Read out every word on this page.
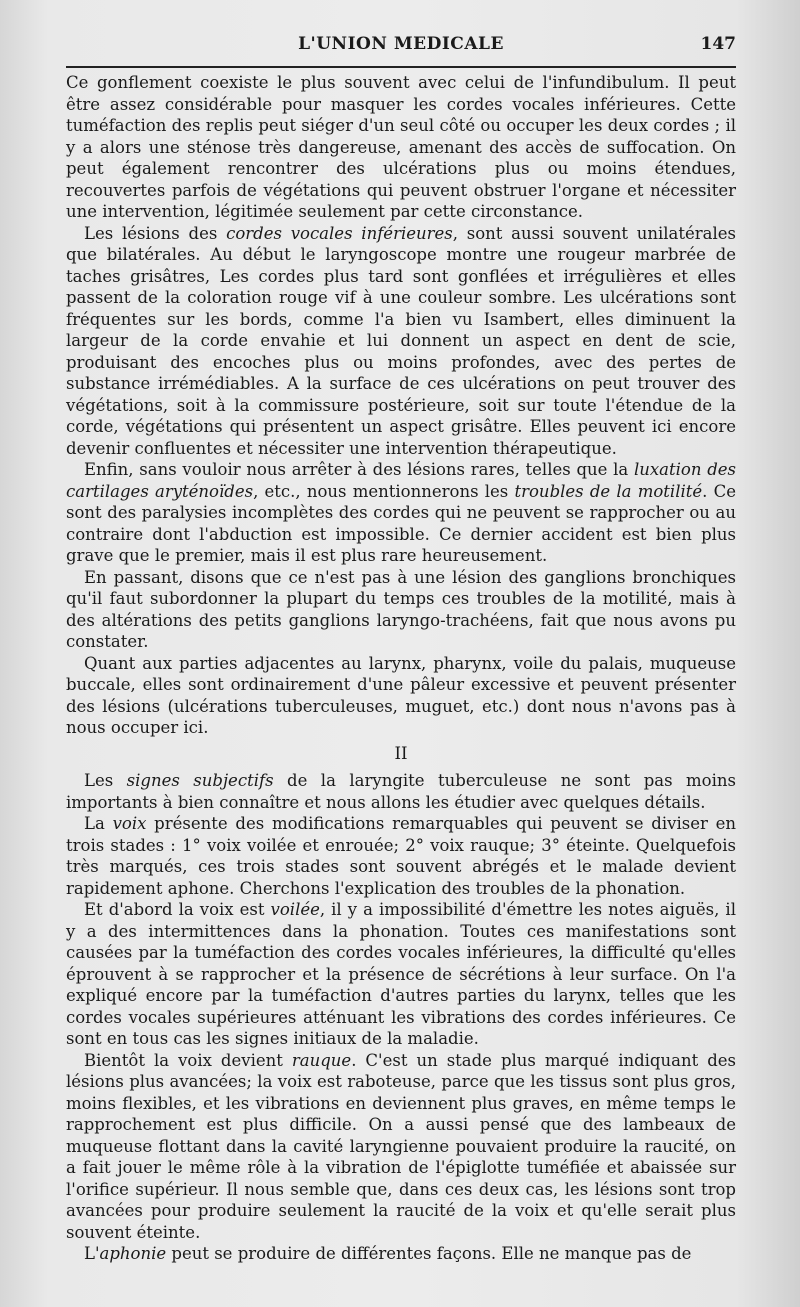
L'UNION MEDICALE	147

Ce gonflement coexiste le plus souvent avec celui de l'infundibulum. Il peut être assez considérable pour masquer les cordes vocales inférieures. Cette tuméfaction des replis peut siéger d'un seul côté ou occuper les deux cordes ; il y a alors une sténose très dangereuse, amenant des accès de suffocation. On peut également rencontrer des ulcérations plus ou moins étendues, recouvertes parfois de végétations qui peuvent obstruer l'organe et nécessiter une intervention, légitimée seulement par cette circonstance.

Les lésions des cordes vocales inférieures, sont aussi souvent unilatérales que bilatérales. Au début le laryngoscope montre une rougeur marbrée de taches grisâtres, Les cordes plus tard sont gonflées et irrégulières et elles passent de la coloration rouge vif à une couleur sombre. Les ulcérations sont fréquentes sur les bords, comme l'a bien vu Isambert, elles diminuent la largeur de la corde envahie et lui donnent un aspect en dent de scie, produisant des encoches plus ou moins profondes, avec des pertes de substance irrémédiables. A la surface de ces ulcérations on peut trouver des végétations, soit à la commissure postérieure, soit sur toute l'étendue de la corde, végétations qui présentent un aspect grisâtre. Elles peuvent ici encore devenir confluentes et nécessiter une intervention thérapeutique.

Enfin, sans vouloir nous arrêter à des lésions rares, telles que la luxation des cartilages aryténoïdes, etc., nous mentionnerons les troubles de la motilité. Ce sont des paralysies incomplètes des cordes qui ne peuvent se rapprocher ou au contraire dont l'abduction est impossible. Ce dernier accident est bien plus grave que le premier, mais il est plus rare heureusement.

En passant, disons que ce n'est pas à une lésion des ganglions bronchiques qu'il faut subordonner la plupart du temps ces troubles de la motilité, mais à des altérations des petits ganglions laryngo-trachéens, fait que nous avons pu constater.

Quant aux parties adjacentes au larynx, pharynx, voile du palais, muqueuse buccale, elles sont ordinairement d'une pâleur excessive et peuvent présenter des lésions (ulcérations tuberculeuses, muguet, etc.) dont nous n'avons pas à nous occuper ici.

II

Les signes subjectifs de la laryngite tuberculeuse ne sont pas moins importants à bien connaître et nous allons les étudier avec quelques détails.

La voix présente des modifications remarquables qui peuvent se diviser en trois stades : 1° voix voilée et enrouée; 2° voix rauque; 3° éteinte. Quelquefois très marqués, ces trois stades sont souvent abrégés et le malade devient rapidement aphone. Cherchons l'explication des troubles de la phonation.

Et d'abord la voix est voilée, il y a impossibilité d'émettre les notes aiguës, il y a des intermittences dans la phonation. Toutes ces manifestations sont causées par la tuméfaction des cordes vocales inférieures, la difficulté qu'elles éprouvent à se rapprocher et la présence de sécrétions à leur surface. On l'a expliqué encore par la tuméfaction d'autres parties du larynx, telles que les cordes vocales supérieures atténuant les vibrations des cordes inférieures. Ce sont en tous cas les signes initiaux de la maladie.

Bientôt la voix devient rauque. C'est un stade plus marqué indiquant des lésions plus avancées; la voix est raboteuse, parce que les tissus sont plus gros, moins flexibles, et les vibrations en deviennent plus graves, en même temps le rapprochement est plus difficile. On a aussi pensé que des lambeaux de muqueuse flottant dans la cavité laryngienne pouvaient produire la raucité, on a fait jouer le même rôle à la vibration de l'épiglotte tuméfiée et abaissée sur l'orifice supérieur. Il nous semble que, dans ces deux cas, les lésions sont trop avancées pour produire seulement la raucité de la voix et qu'elle serait plus souvent éteinte.

L'aphonie peut se produire de différentes façons. Elle ne manque pas de
